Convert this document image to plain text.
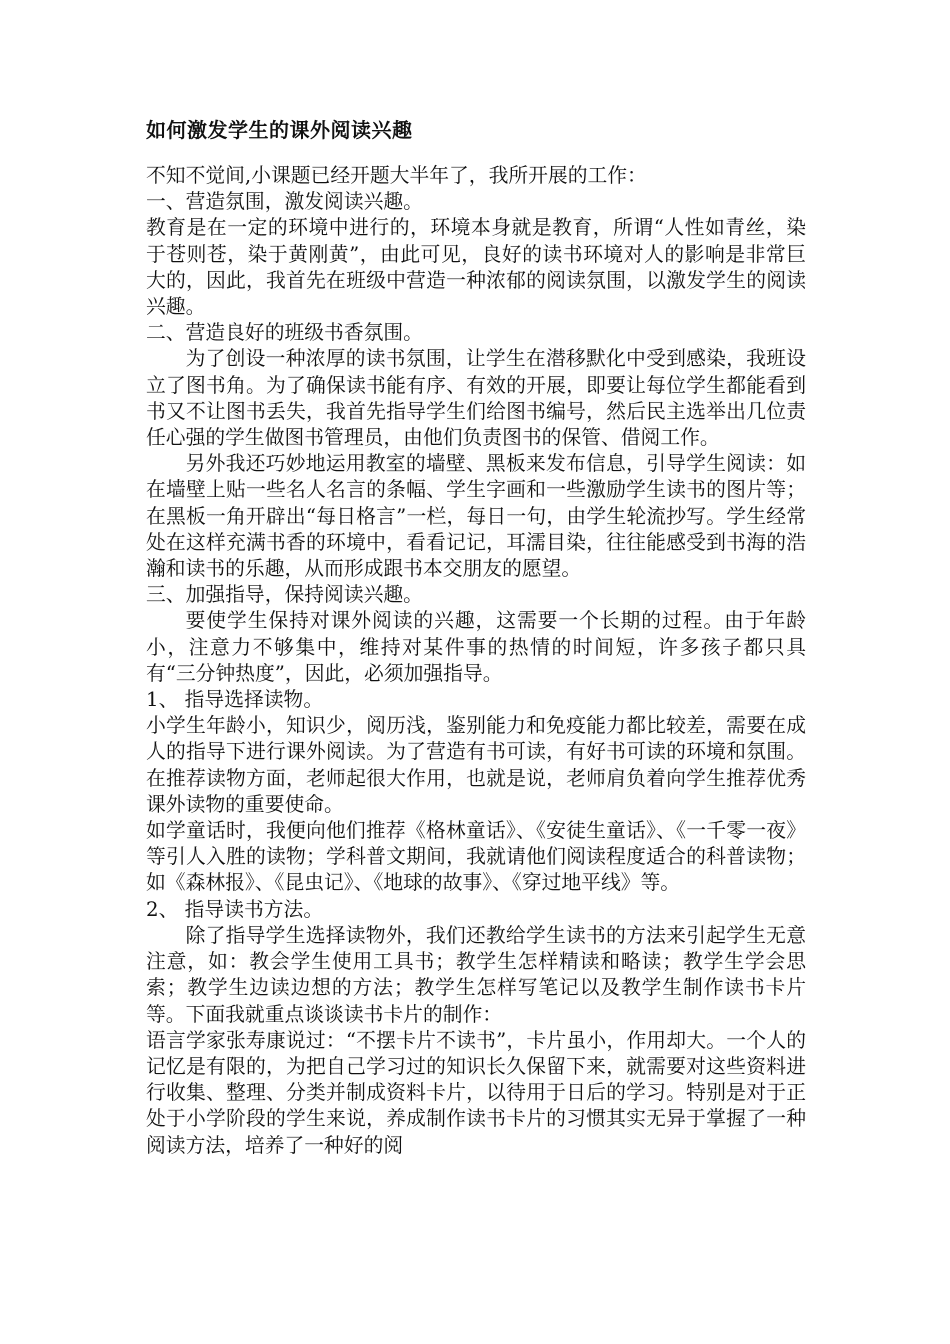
如何激发学生的课外阅读兴趣

不知不觉间,小课题已经开题大半年了，我所开展的工作：

一、营造氛围，激发阅读兴趣。

教育是在一定的环境中进行的，环境本身就是教育，所谓“人性如青丝，染于苍则苍，染于黄刚黄”，由此可见，良好的读书环境对人的影响是非常巨大的，因此，我首先在班级中营造一种浓郁的阅读氛围，以激发学生的阅读兴趣。

二、营造良好的班级书香氛围。

为了创设一种浓厚的读书氛围，让学生在潜移默化中受到感染，我班设立了图书角。为了确保读书能有序、有效的开展，即要让每位学生都能看到书又不让图书丢失，我首先指导学生们给图书编号，然后民主选举出几位责任心强的学生做图书管理员，由他们负责图书的保管、借阅工作。

另外我还巧妙地运用教室的墙壁、黑板来发布信息，引导学生阅读：如在墙壁上贴一些名人名言的条幅、学生字画和一些激励学生读书的图片等；在黑板一角开辟出“每日格言”一栏，每日一句，由学生轮流抄写。学生经常处在这样充满书香的环境中，看看记记，耳濡目染，往往能感受到书海的浩瀚和读书的乐趣，从而形成跟书本交朋友的愿望。

三、加强指导，保持阅读兴趣。

要使学生保持对课外阅读的兴趣，这需要一个长期的过程。由于年龄小，注意力不够集中，维持对某件事的热情的时间短，许多孩子都只具有“三分钟热度”，因此，必须加强指导。

1、 指导选择读物。

小学生年龄小，知识少，阅历浅，鉴别能力和免疫能力都比较差，需要在成人的指导下进行课外阅读。为了营造有书可读，有好书可读的环境和氛围。在推荐读物方面，老师起很大作用，也就是说，老师肩负着向学生推荐优秀课外读物的重要使命。

如学童话时，我便向他们推荐《格林童话》、《安徒生童话》、《一千零一夜》等引人入胜的读物；学科普文期间，我就请他们阅读程度适合的科普读物；如《森林报》、《昆虫记》、《地球的故事》、《穿过地平线》等。

2、 指导读书方法。

除了指导学生选择读物外，我们还教给学生读书的方法来引起学生无意注意，如：教会学生使用工具书；教学生怎样精读和略读；教学生学会思索；教学生边读边想的方法；教学生怎样写笔记以及教学生制作读书卡片等。下面我就重点谈谈读书卡片的制作：

语言学家张寿康说过：“不摆卡片不读书”，卡片虽小，作用却大。一个人的记忆是有限的，为把自己学习过的知识长久保留下来，就需要对这些资料进行收集、整理、分类并制成资料卡片，以待用于日后的学习。特别是对于正处于小学阶段的学生来说，养成制作读书卡片的习惯其实无异于掌握了一种阅读方法，培养了一种好的阅
